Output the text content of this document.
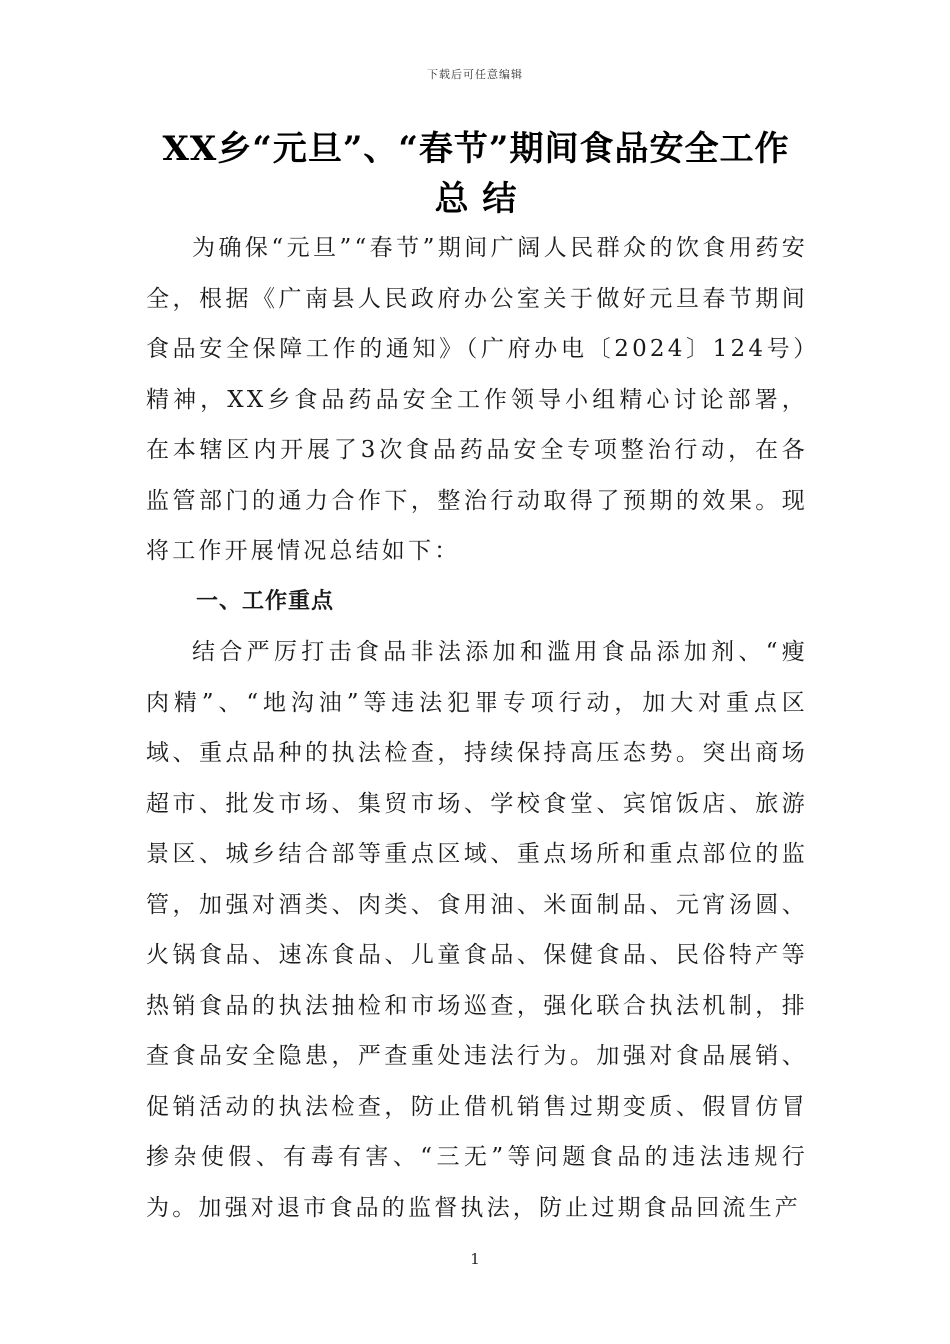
下载后可任意编辑
XX乡“元旦”、“春节”期间食品安全工作总 结

为确保“元旦”“春节”期间广阔人民群众的饮食用药安全，根据《广南县人民政府办公室关于做好元旦春节期间食品安全保障工作的通知》（广府办电〔2024〕124号）精神，XX乡食品药品安全工作领导小组精心讨论部署，在本辖区内开展了3次食品药品安全专项整治行动，在各监管部门的通力合作下，整治行动取得了预期的效果。现将工作开展情况总结如下：

一、工作重点

结合严厉打击食品非法添加和滥用食品添加剂、“瘦肉精”、“地沟油”等违法犯罪专项行动，加大对重点区域、重点品种的执法检查，持续保持高压态势。突出商场超市、批发市场、集贸市场、学校食堂、宾馆饭店、旅游景区、城乡结合部等重点区域、重点场所和重点部位的监管，加强对酒类、肉类、食用油、米面制品、元宵汤圆、火锅食品、速冻食品、儿童食品、保健食品、民俗特产等热销食品的执法抽检和市场巡查，强化联合执法机制，排查食品安全隐患，严查重处违法行为。加强对食品展销、促销活动的执法检查，防止借机销售过期变质、假冒仿冒掺杂使假、有毒有害、“三无”等问题食品的违法违规行为。加强对退市食品的监督执法，防止过期食品回流生产

1
